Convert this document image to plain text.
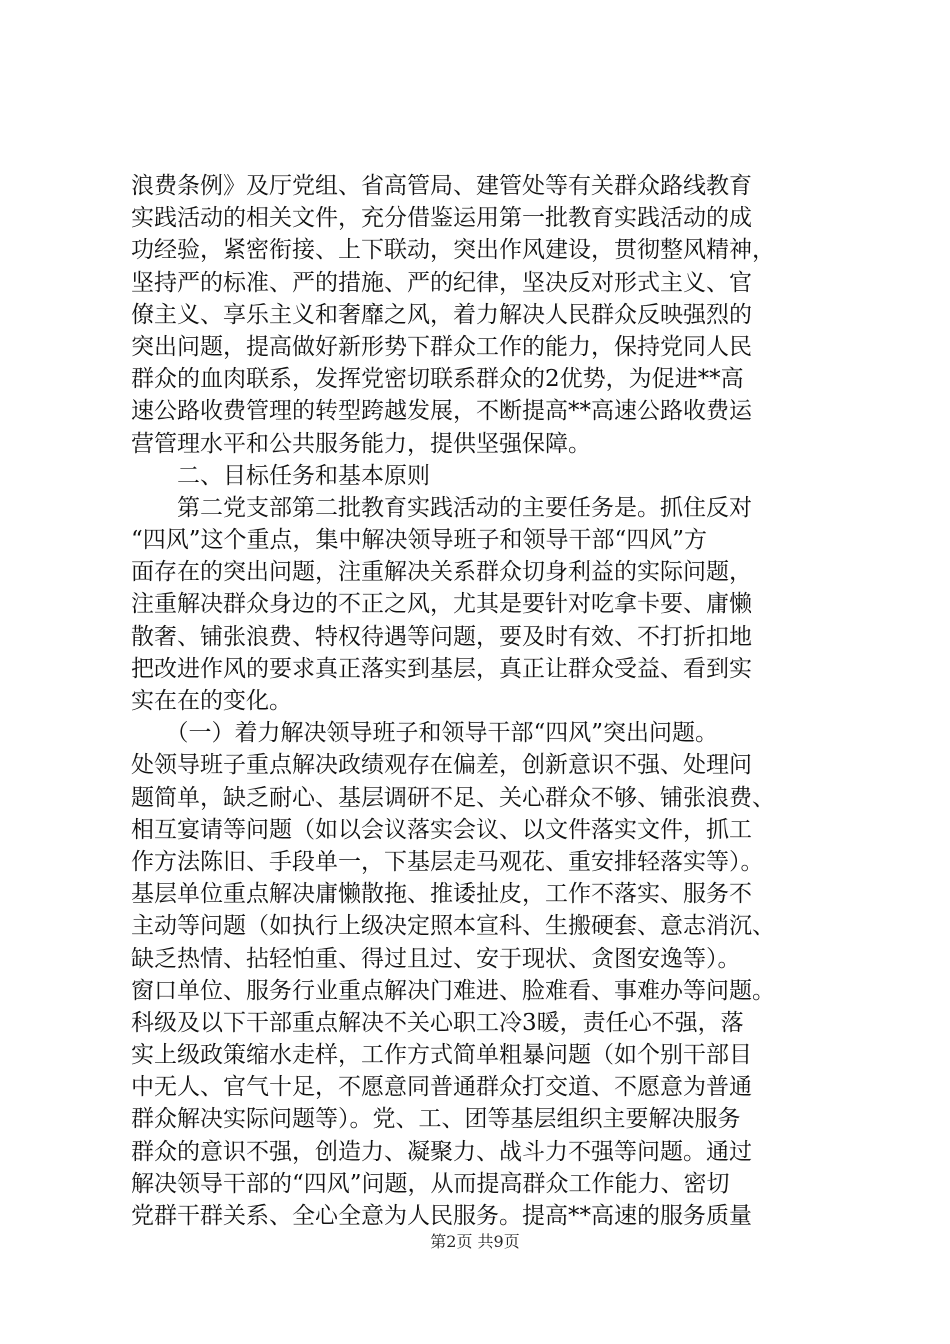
浪费条例》及厅党组、省高管局、建管处等有关群众路线教育
实践活动的相关文件，充分借鉴运用第一批教育实践活动的成
功经验，紧密衔接、上下联动，突出作风建设，贯彻整风精神，
坚持严的标准、严的措施、严的纪律，坚决反对形式主义、官
僚主义、享乐主义和奢靡之风，着力解决人民群众反映强烈的
突出问题，提高做好新形势下群众工作的能力，保持党同人民
群众的血肉联系，发挥党密切联系群众的2优势，为促进**高
速公路收费管理的转型跨越发展，不断提高**高速公路收费运
营管理水平和公共服务能力，提供坚强保障。
　　二、目标任务和基本原则
　　第二党支部第二批教育实践活动的主要任务是。抓住反对
“四风”这个重点，集中解决领导班子和领导干部“四风”方
面存在的突出问题，注重解决关系群众切身利益的实际问题，
注重解决群众身边的不正之风，尤其是要针对吃拿卡要、庸懒
散奢、铺张浪费、特权待遇等问题，要及时有效、不打折扣地
把改进作风的要求真正落实到基层，真正让群众受益、看到实
实在在的变化。
　　（一）着力解决领导班子和领导干部“四风”突出问题。
处领导班子重点解决政绩观存在偏差，创新意识不强、处理问
题简单，缺乏耐心、基层调研不足、关心群众不够、铺张浪费、
相互宴请等问题（如以会议落实会议、以文件落实文件，抓工
作方法陈旧、手段单一，下基层走马观花、重安排轻落实等）。
基层单位重点解决庸懒散拖、推诿扯皮，工作不落实、服务不
主动等问题（如执行上级决定照本宣科、生搬硬套、意志消沉、
缺乏热情、拈轻怕重、得过且过、安于现状、贪图安逸等）。
窗口单位、服务行业重点解决门难进、脸难看、事难办等问题。
科级及以下干部重点解决不关心职工冷3暖，责任心不强，落
实上级政策缩水走样，工作方式简单粗暴问题（如个别干部目
中无人、官气十足，不愿意同普通群众打交道、不愿意为普通
群众解决实际问题等）。党、工、团等基层组织主要解决服务
群众的意识不强，创造力、凝聚力、战斗力不强等问题。通过
解决领导干部的“四风”问题，从而提高群众工作能力、密切
党群干群关系、全心全意为人民服务。提高**高速的服务质量
第2页 共9页
